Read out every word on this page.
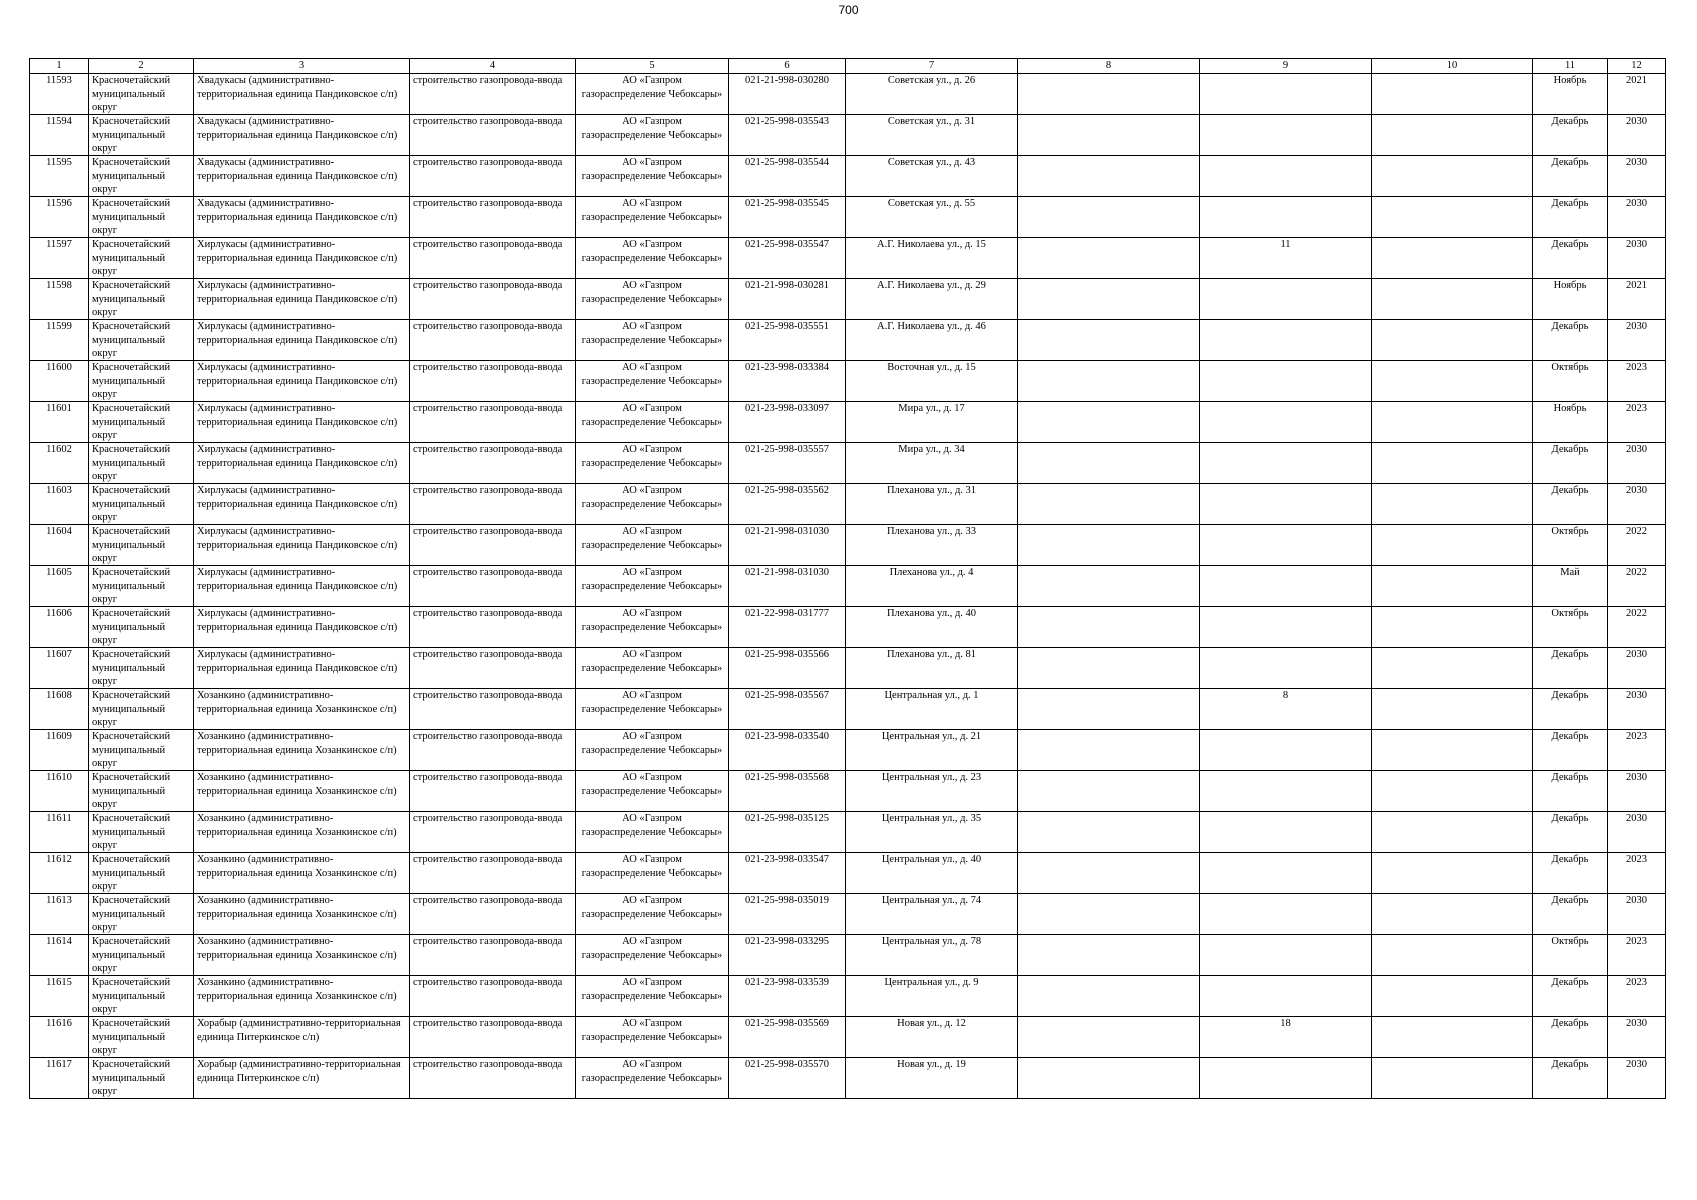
700
1	2	3	4	5	6	7	8	9	10	11	12

11593	Красночетайский муниципальный округ	Хвадукасы (административно-территориальная единица Пандиковское с/п)	строительство газопровода-ввода	АО «Газпром газораспределение Чебоксары»	021-21-998-030280	Советская ул., д. 26				Ноябрь	2021

11594	Красночетайский муниципальный округ	Хвадукасы (административно-территориальная единица Пандиковское с/п)	строительство газопровода-ввода	АО «Газпром газораспределение Чебоксары»	021-25-998-035543	Советская ул., д. 31				Декабрь	2030

11595	Красночетайский муниципальный округ	Хвадукасы (административно-территориальная единица Пандиковское с/п)	строительство газопровода-ввода	АО «Газпром газораспределение Чебоксары»	021-25-998-035544	Советская ул., д. 43				Декабрь	2030

11596	Красночетайский муниципальный округ	Хвадукасы (административно-территориальная единица Пандиковское с/п)	строительство газопровода-ввода	АО «Газпром газораспределение Чебоксары»	021-25-998-035545	Советская ул., д. 55				Декабрь	2030

11597	Красночетайский муниципальный округ	Хирлукасы (административно-территориальная единица Пандиковское с/п)	строительство газопровода-ввода	АО «Газпром газораспределение Чебоксары»	021-25-998-035547	А.Г. Николаева ул., д. 15		11		Декабрь	2030

11598	Красночетайский муниципальный округ	Хирлукасы (административно-территориальная единица Пандиковское с/п)	строительство газопровода-ввода	АО «Газпром газораспределение Чебоксары»	021-21-998-030281	А.Г. Николаева ул., д. 29				Ноябрь	2021

11599	Красночетайский муниципальный округ	Хирлукасы (административно-территориальная единица Пандиковское с/п)	строительство газопровода-ввода	АО «Газпром газораспределение Чебоксары»	021-25-998-035551	А.Г. Николаева ул., д. 46				Декабрь	2030

11600	Красночетайский муниципальный округ	Хирлукасы (административно-территориальная единица Пандиковское с/п)	строительство газопровода-ввода	АО «Газпром газораспределение Чебоксары»	021-23-998-033384	Восточная ул., д. 15				Октябрь	2023

11601	Красночетайский муниципальный округ	Хирлукасы (административно-территориальная единица Пандиковское с/п)	строительство газопровода-ввода	АО «Газпром газораспределение Чебоксары»	021-23-998-033097	Мира ул., д. 17				Ноябрь	2023

11602	Красночетайский муниципальный округ	Хирлукасы (административно-территориальная единица Пандиковское с/п)	строительство газопровода-ввода	АО «Газпром газораспределение Чебоксары»	021-25-998-035557	Мира ул., д. 34				Декабрь	2030

11603	Красночетайский муниципальный округ	Хирлукасы (административно-территориальная единица Пандиковское с/п)	строительство газопровода-ввода	АО «Газпром газораспределение Чебоксары»	021-25-998-035562	Плеханова ул., д. 31				Декабрь	2030

11604	Красночетайский муниципальный округ	Хирлукасы (административно-территориальная единица Пандиковское с/п)	строительство газопровода-ввода	АО «Газпром газораспределение Чебоксары»	021-21-998-031030	Плеханова ул., д. 33				Октябрь	2022

11605	Красночетайский муниципальный округ	Хирлукасы (административно-территориальная единица Пандиковское с/п)	строительство газопровода-ввода	АО «Газпром газораспределение Чебоксары»	021-21-998-031030	Плеханова ул., д. 4				Май	2022

11606	Красночетайский муниципальный округ	Хирлукасы (административно-территориальная единица Пандиковское с/п)	строительство газопровода-ввода	АО «Газпром газораспределение Чебоксары»	021-22-998-031777	Плеханова ул., д. 40				Октябрь	2022

11607	Красночетайский муниципальный округ	Хирлукасы (административно-территориальная единица Пандиковское с/п)	строительство газопровода-ввода	АО «Газпром газораспределение Чебоксары»	021-25-998-035566	Плеханова ул., д. 81				Декабрь	2030

11608	Красночетайский муниципальный округ	Хозанкино (административно-территориальная единица Хозанкинское с/п)	строительство газопровода-ввода	АО «Газпром газораспределение Чебоксары»	021-25-998-035567	Центральная ул., д. 1		8		Декабрь	2030

11609	Красночетайский муниципальный округ	Хозанкино (административно-территориальная единица Хозанкинское с/п)	строительство газопровода-ввода	АО «Газпром газораспределение Чебоксары»	021-23-998-033540	Центральная ул., д. 21				Декабрь	2023

11610	Красночетайский муниципальный округ	Хозанкино (административно-территориальная единица Хозанкинское с/п)	строительство газопровода-ввода	АО «Газпром газораспределение Чебоксары»	021-25-998-035568	Центральная ул., д. 23				Декабрь	2030

11611	Красночетайский муниципальный округ	Хозанкино (административно-территориальная единица Хозанкинское с/п)	строительство газопровода-ввода	АО «Газпром газораспределение Чебоксары»	021-25-998-035125	Центральная ул., д. 35				Декабрь	2030

11612	Красночетайский муниципальный округ	Хозанкино (административно-территориальная единица Хозанкинское с/п)	строительство газопровода-ввода	АО «Газпром газораспределение Чебоксары»	021-23-998-033547	Центральная ул., д. 40				Декабрь	2023

11613	Красночетайский муниципальный округ	Хозанкино (административно-территориальная единица Хозанкинское с/п)	строительство газопровода-ввода	АО «Газпром газораспределение Чебоксары»	021-25-998-035019	Центральная ул., д. 74				Декабрь	2030

11614	Красночетайский муниципальный округ	Хозанкино (административно-территориальная единица Хозанкинское с/п)	строительство газопровода-ввода	АО «Газпром газораспределение Чебоксары»	021-23-998-033295	Центральная ул., д. 78				Октябрь	2023

11615	Красночетайский муниципальный округ	Хозанкино (административно-территориальная единица Хозанкинское с/п)	строительство газопровода-ввода	АО «Газпром газораспределение Чебоксары»	021-23-998-033539	Центральная ул., д. 9				Декабрь	2023

11616	Красночетайский муниципальный округ	Хорабыр (административно-территориальная единица Питеркинское с/п)	строительство газопровода-ввода	АО «Газпром газораспределение Чебоксары»	021-25-998-035569	Новая ул., д. 12		18		Декабрь	2030

11617	Красночетайский муниципальный округ	Хорабыр (административно-территориальная единица Питеркинское с/п)	строительство газопровода-ввода	АО «Газпром газораспределение Чебоксары»	021-25-998-035570	Новая ул., д. 19				Декабрь	2030
